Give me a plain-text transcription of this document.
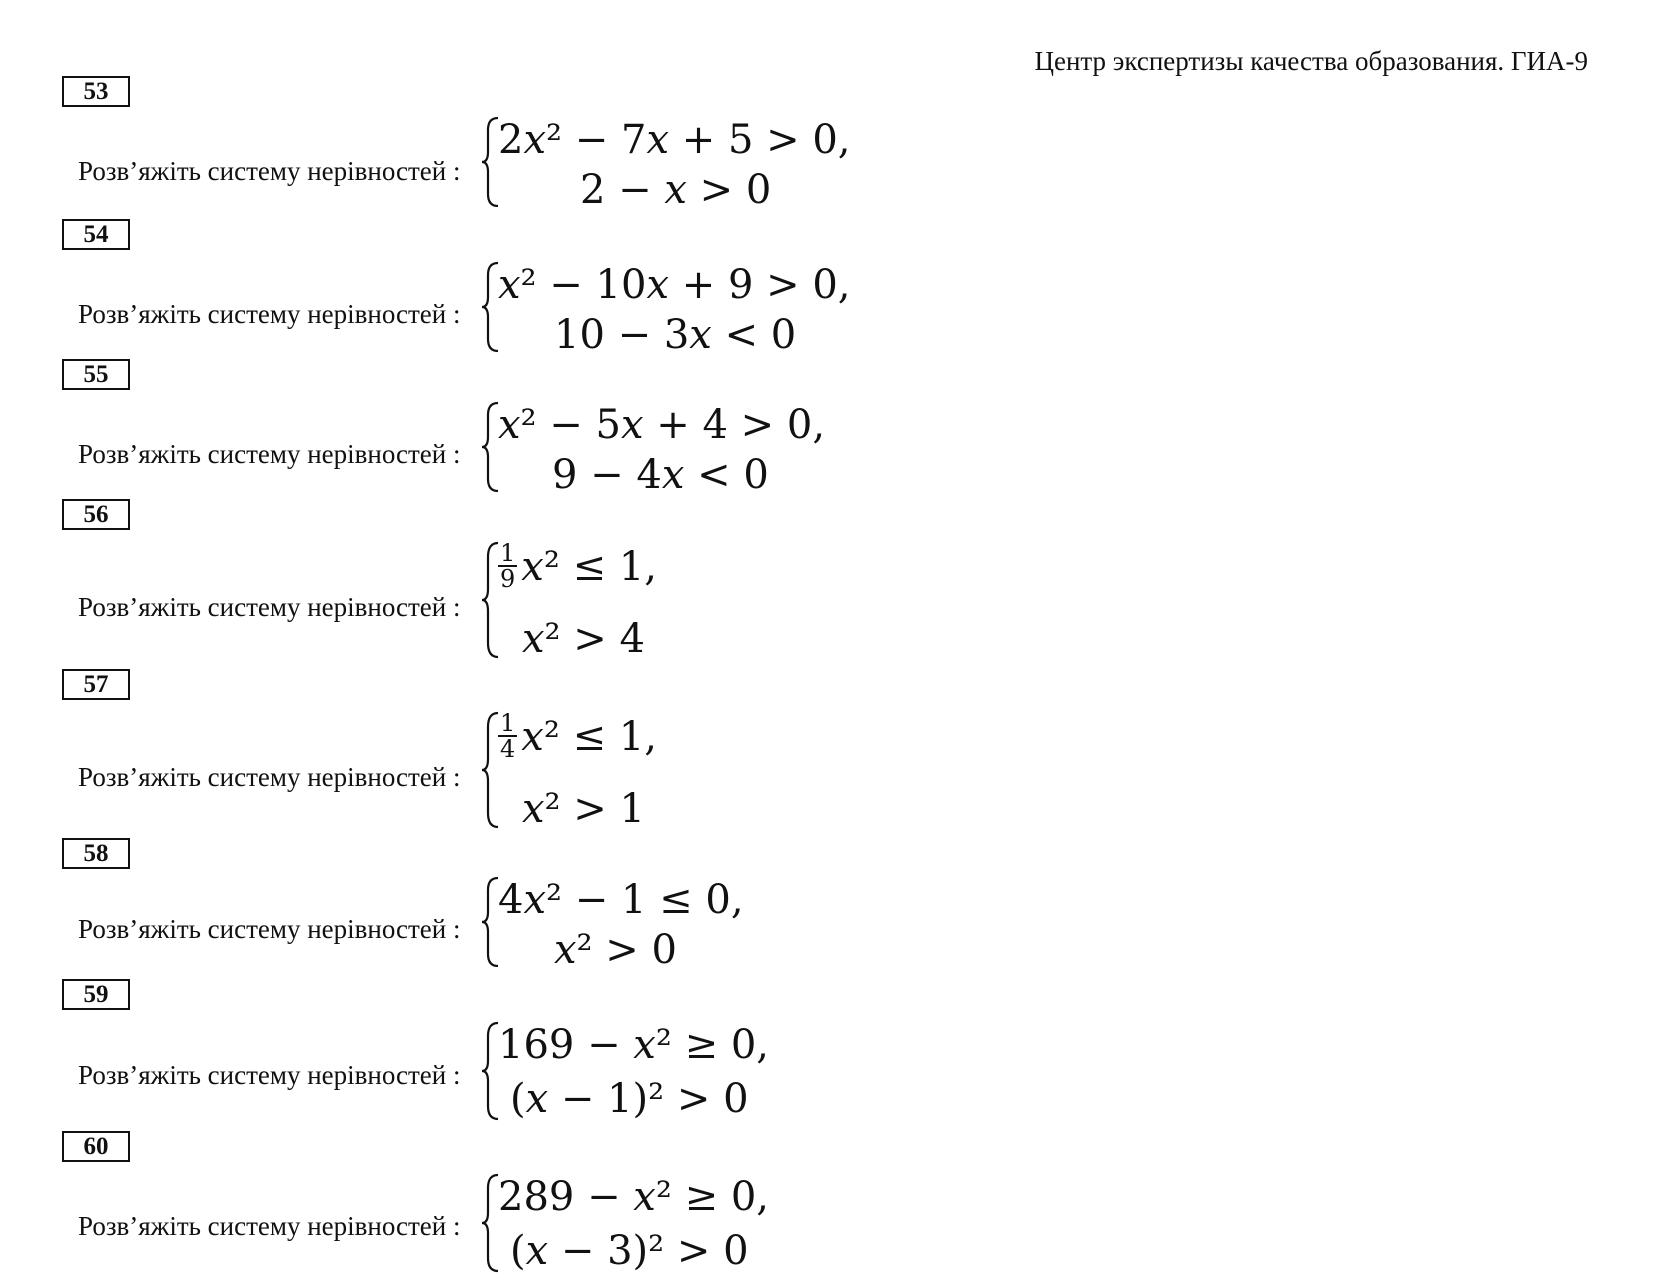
Центр экспертизы качества образования. ГИА-9
53
Розв’яжіть систему нерівностей :
2𝑥² − 7𝑥 + 5 > 0,
2 − 𝑥 > 0
54
Розв’яжіть систему нерівностей :
𝑥² − 10𝑥 + 9 > 0,
10 − 3𝑥 < 0
55
Розв’яжіть систему нерівностей :
𝑥² − 5𝑥 + 4 > 0,
9 − 4𝑥 < 0
56
Розв’яжіть систему нерівностей :
$\frac{1}{9}$ 𝑥² ≤ 1,
𝑥² > 4
57
Розв’яжіть систему нерівностей :
$\frac{1}{4}$ 𝑥² ≤ 1,
𝑥² > 1
58
Розв’яжіть систему нерівностей :
4𝑥² − 1 ≤ 0,
𝑥² > 0
59
Розв’яжіть систему нерівностей :
169 − 𝑥² ≥ 0,
(𝑥 − 1)² > 0
60
Розв’яжіть систему нерівностей :
289 − 𝑥² ≥ 0,
(𝑥 − 3)² > 0
